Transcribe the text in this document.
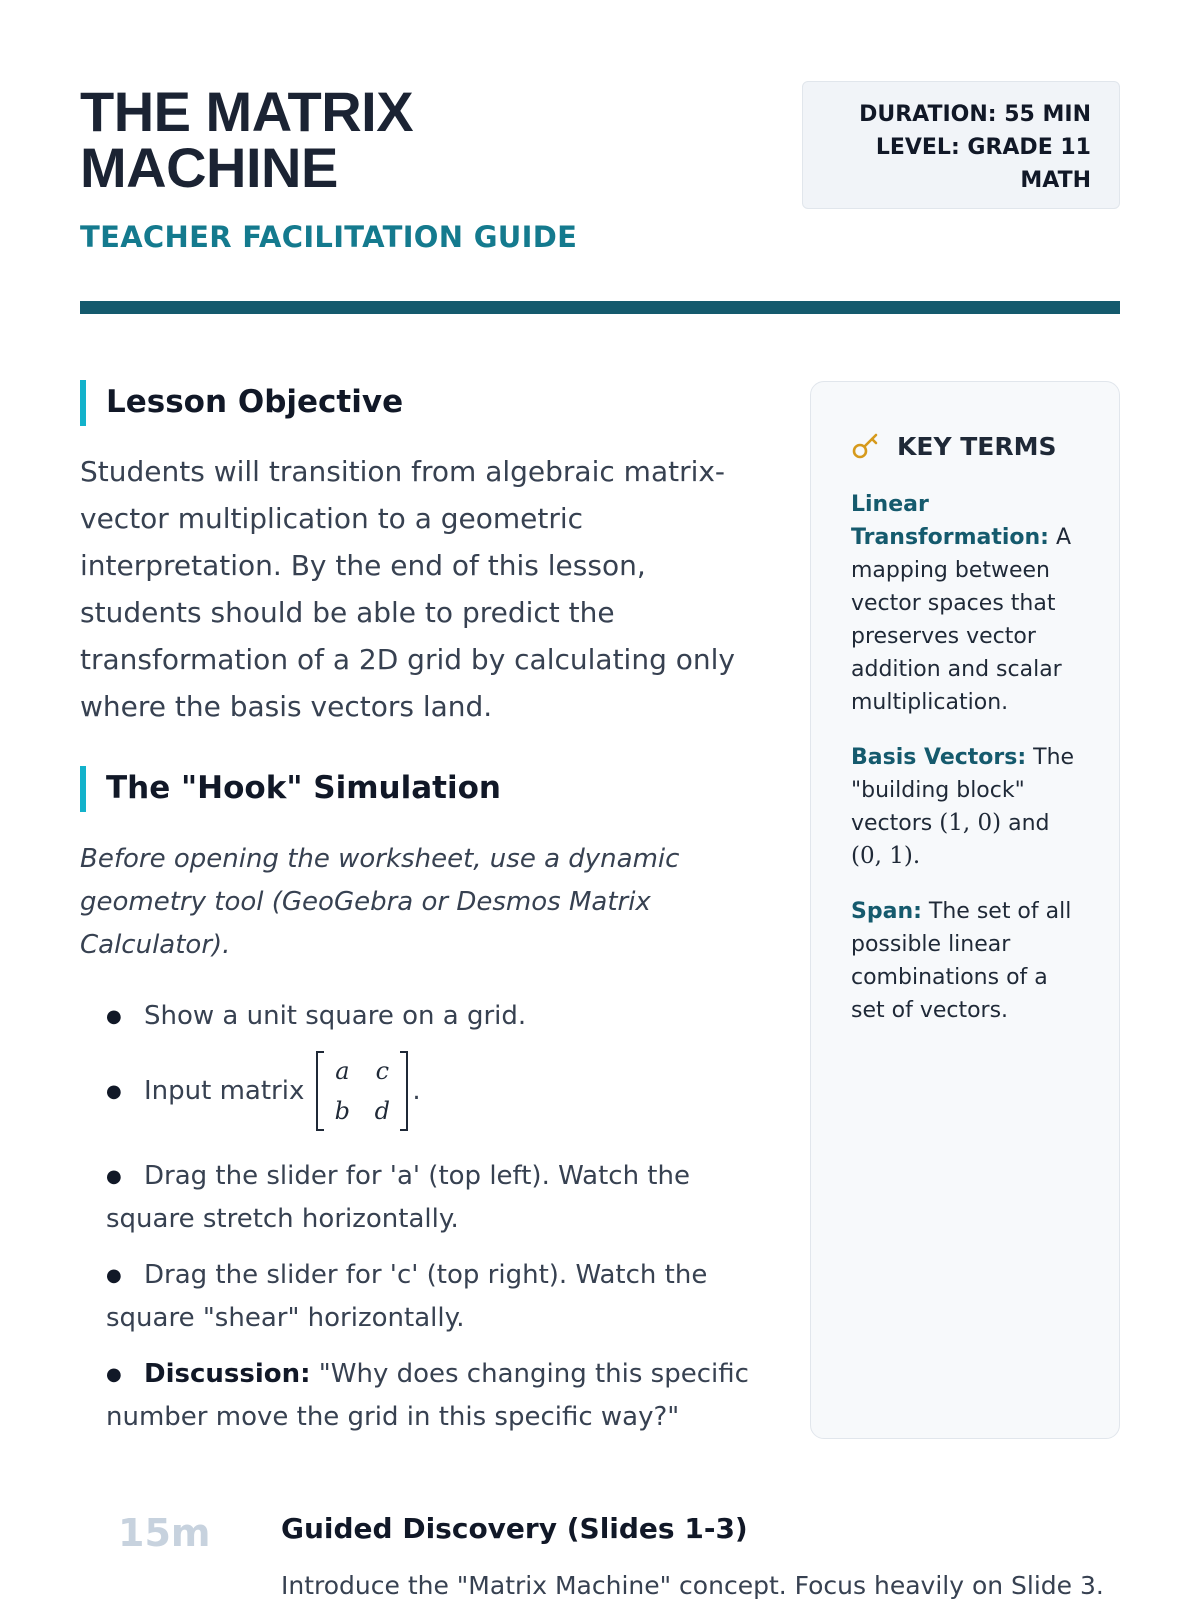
THE MATRIX MACHINE
TEACHER FACILITATION GUIDE
DURATION: 55 MIN
LEVEL: GRADE 11
MATH
Lesson Objective

Students will transition from algebraic matrix-vector multiplication to a geometric interpretation. By the end of this lesson, students should be able to predict the transformation of a 2D grid by calculating only where the basis vectors land.

The "Hook" Simulation

Before opening the worksheet, use a dynamic geometry tool (GeoGebra or Desmos Matrix Calculator).

● Show a unit square on a grid.
● Input matrix
a	c
b	d
.
● Drag the slider for 'a' (top left). Watch the square stretch horizontally.
● Drag the slider for 'c' (top right). Watch the square "shear" horizontally.
● Discussion: "Why does changing this specific number move the grid in this specific way?"
KEY TERMS

Linear Transformation: A mapping between vector spaces that preserves vector addition and scalar multiplication.

Basis Vectors: The "building block" vectors (1, 0) and (0, 1).

Span: The set of all possible linear combinations of a set of vectors.

15m	Guided Discovery (Slides 1-3)

Introduce the "Matrix Machine" concept. Focus heavily on Slide 3.
